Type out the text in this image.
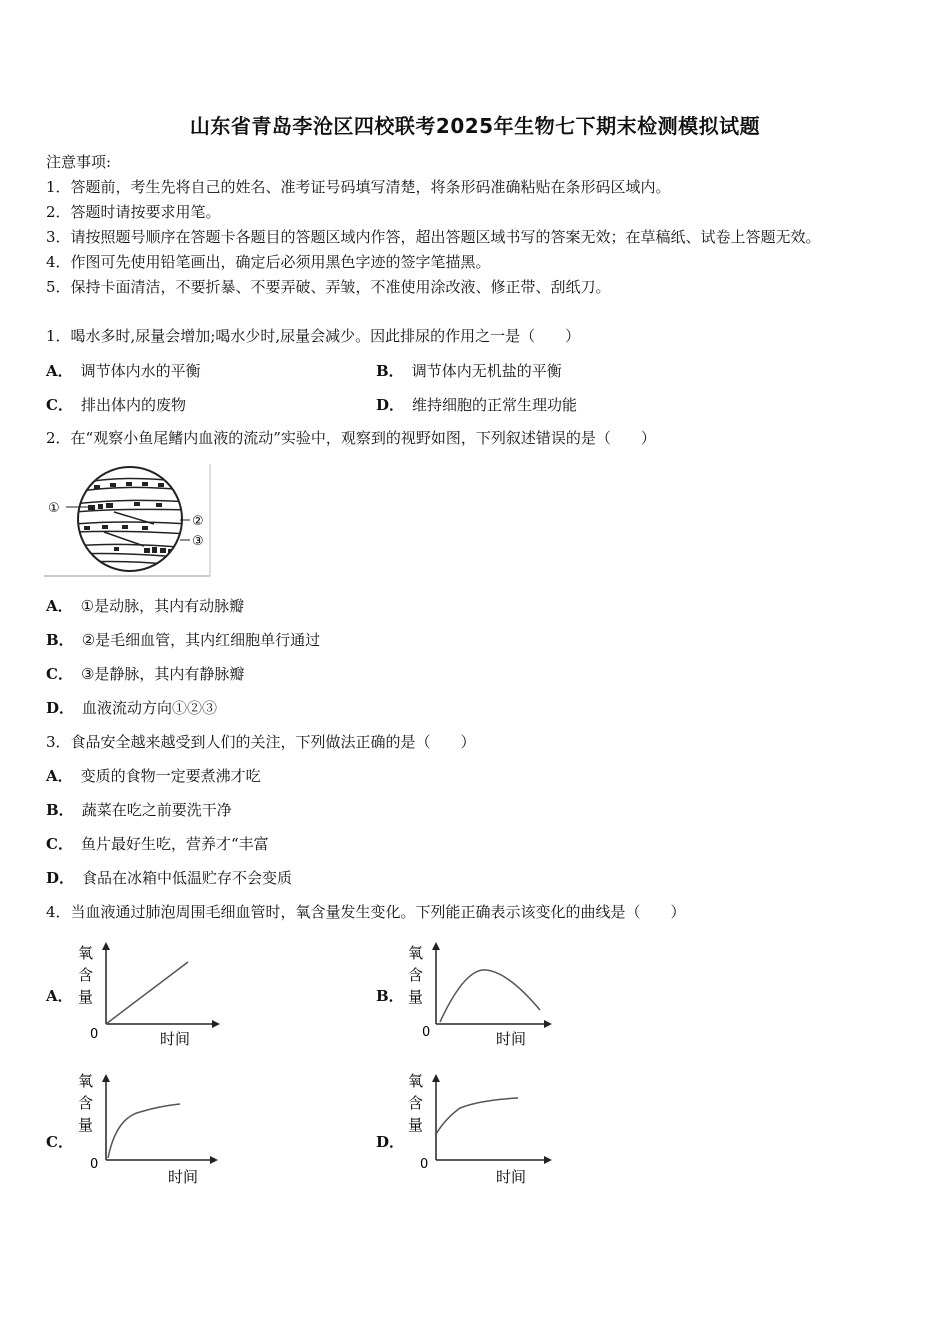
山东省青岛李沧区四校联考2025年生物七下期末检测模拟试题
注意事项:
1．答题前，考生先将自己的姓名、准考证号码填写清楚，将条形码准确粘贴在条形码区域内。
2．答题时请按要求用笔。
3．请按照题号顺序在答题卡各题目的答题区域内作答，超出答题区域书写的答案无效；在草稿纸、试卷上答题无效。
4．作图可先使用铅笔画出，确定后必须用黑色字迹的签字笔描黑。
5．保持卡面清洁，不要折暴、不要弄破、弄皱，不准使用涂改液、修正带、刮纸刀。
1．喝水多时,尿量会增加;喝水少时,尿量会减少。因此排尿的作用之一是（　　）
A． 调节体内水的平衡	B． 调节体内无机盐的平衡
C． 排出体内的废物	D． 维持细胞的正常生理功能
2．在“观察小鱼尾鳍内血液的流动”实验中，观察到的视野如图，下列叙述错误的是（　　）
①
②
③
A． ①是动脉，其内有动脉瓣
B． ②是毛细血管，其内红细胞单行通过
C． ③是静脉，其内有静脉瓣
D． 血液流动方向①②③
3．食品安全越来越受到人们的关注，下列做法正确的是（　　）
A． 变质的食物一定要煮沸才吃
B． 蔬菜在吃之前要洗干净
C． 鱼片最好生吃，营养才“丰富
D． 食品在冰箱中低温贮存不会变质
4．当血液通过肺泡周围毛细血管时，氧含量发生变化。下列能正确表示该变化的曲线是（　　）
A．
氧
含
量
0	时间
B．
氧
含
量
0	时间
C．
氧
含
量
0
时间
D．
氧
含
量
0
时间
